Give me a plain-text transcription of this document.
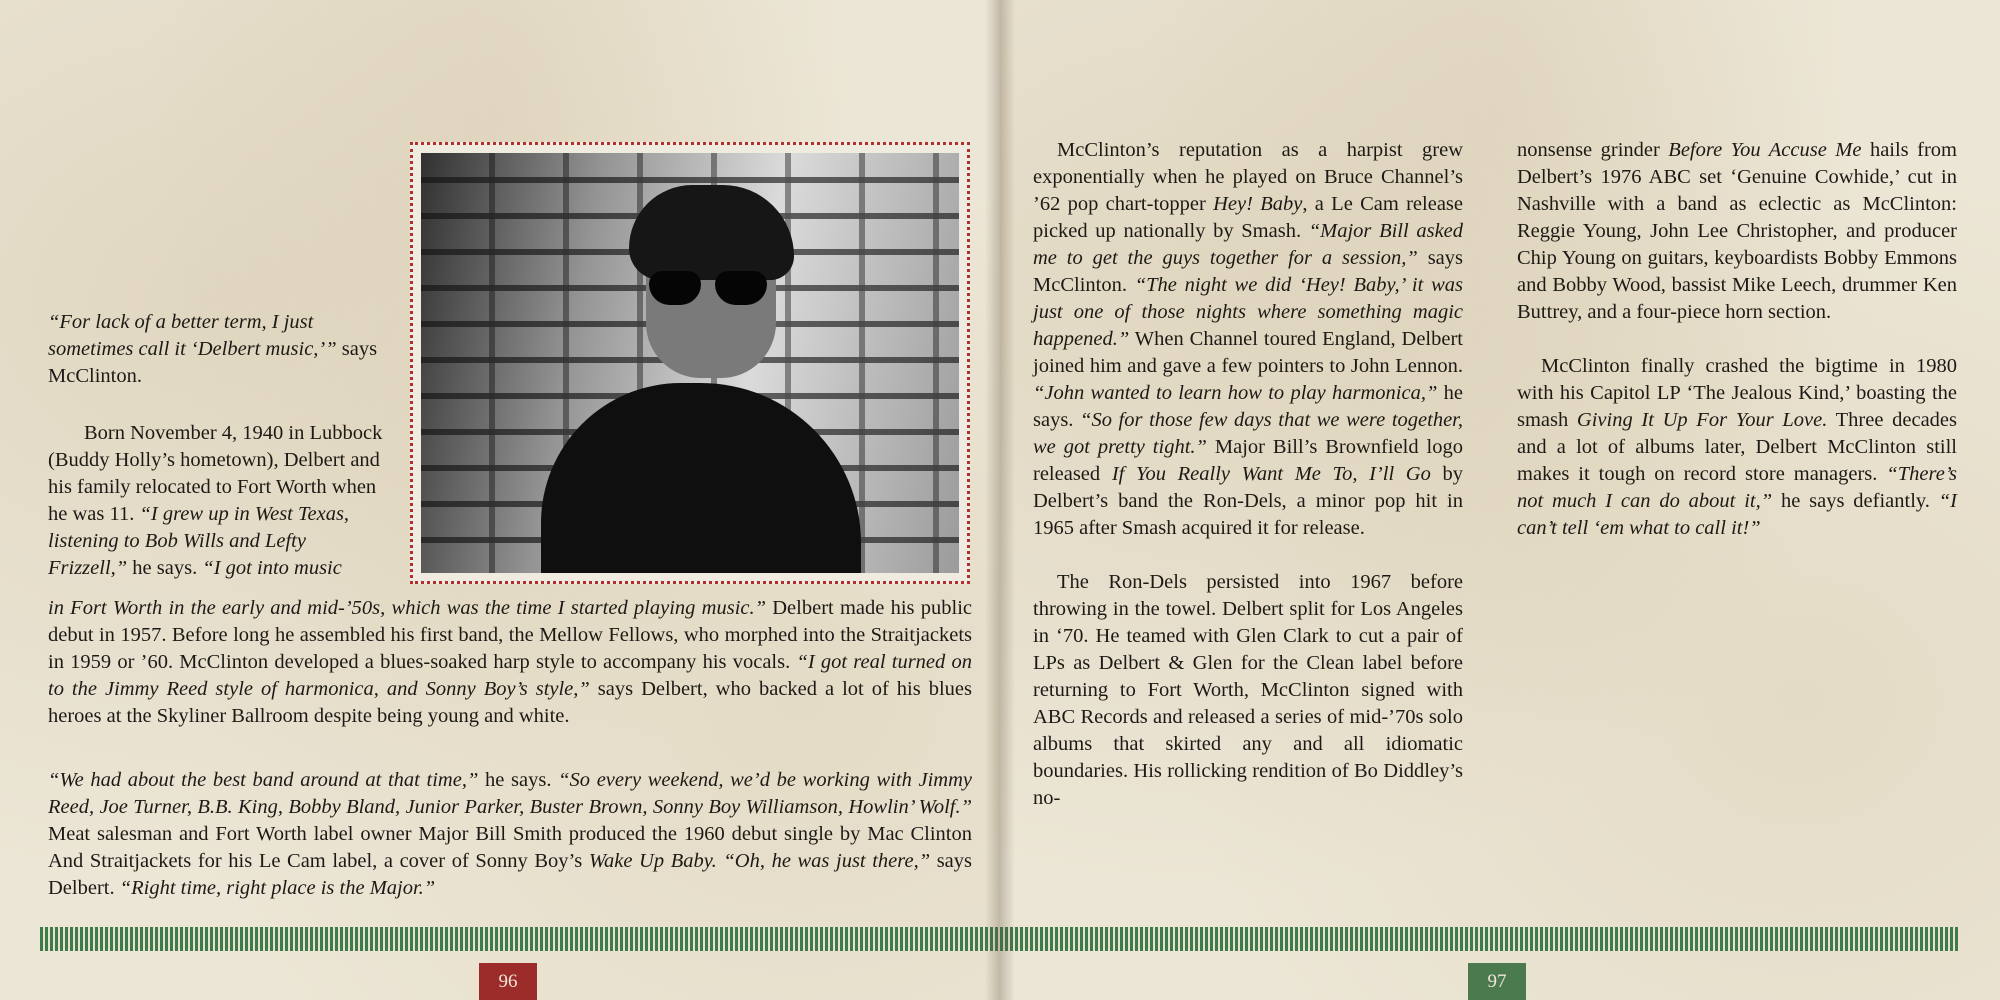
“For lack of a better term, I just sometimes call it ‘Delbert music,’” says McClinton.

Born November 4, 1940 in Lubbock (Buddy Holly’s hometown), Delbert and his family relocated to Fort Worth when he was 11. “I grew up in West Texas, listening to Bob Wills and Lefty Frizzell,” he says. “I got into music

in Fort Worth in the early and mid-’50s, which was the time I started playing music.” Delbert made his public debut in 1957. Before long he assembled his first band, the Mellow Fellows, who morphed into the Straitjackets in 1959 or ’60. McClinton developed a blues-soaked harp style to accompany his vocals. “I got real turned on to the Jimmy Reed style of harmonica, and Sonny Boy’s style,” says Delbert, who backed a lot of his blues heroes at the Skyliner Ballroom despite being young and white.

“We had about the best band around at that time,” he says. “So every weekend, we’d be working with Jimmy Reed, Joe Turner, B.B. King, Bobby Bland, Junior Parker, Buster Brown, Sonny Boy Williamson, Howlin’ Wolf.” Meat salesman and Fort Worth label owner Major Bill Smith produced the 1960 debut single by Mac Clinton And Straitjackets for his Le Cam label, a cover of Sonny Boy’s Wake Up Baby. “Oh, he was just there,” says Delbert. “Right time, right place is the Major.”

96

McClinton’s reputation as a harpist grew exponentially when he played on Bruce Channel’s ’62 pop chart-topper Hey! Baby, a Le Cam release picked up nationally by Smash. “Major Bill asked me to get the guys together for a session,” says McClinton. “The night we did ‘Hey! Baby,’ it was just one of those nights where something magic happened.” When Channel toured England, Delbert joined him and gave a few pointers to John Lennon. “John wanted to learn how to play harmonica,” he says. “So for those few days that we were together, we got pretty tight.” Major Bill’s Brownfield logo released If You Really Want Me To, I’ll Go by Delbert’s band the Ron-Dels, a minor pop hit in 1965 after Smash acquired it for release.

The Ron-Dels persisted into 1967 before throwing in the towel. Delbert split for Los Angeles in ‘70. He teamed with Glen Clark to cut a pair of LPs as Delbert & Glen for the Clean label before returning to Fort Worth, McClinton signed with ABC Records and released a series of mid-’70s solo albums that skirted any and all idiomatic boundaries. His rollicking rendition of Bo Diddley’s no-

nonsense grinder Before You Accuse Me hails from Delbert’s 1976 ABC set ‘Genuine Cowhide,’ cut in Nashville with a band as eclectic as McClinton: Reggie Young, John Lee Christopher, and producer Chip Young on guitars, keyboardists Bobby Emmons and Bobby Wood, bassist Mike Leech, drummer Ken Buttrey, and a four-piece horn section.

McClinton finally crashed the bigtime in 1980 with his Capitol LP ‘The Jealous Kind,’ boasting the smash Giving It Up For Your Love. Three decades and a lot of albums later, Delbert McClinton still makes it tough on record store managers. “There’s not much I can do about it,” he says defiantly. “I can’t tell ‘em what to call it!”

97
